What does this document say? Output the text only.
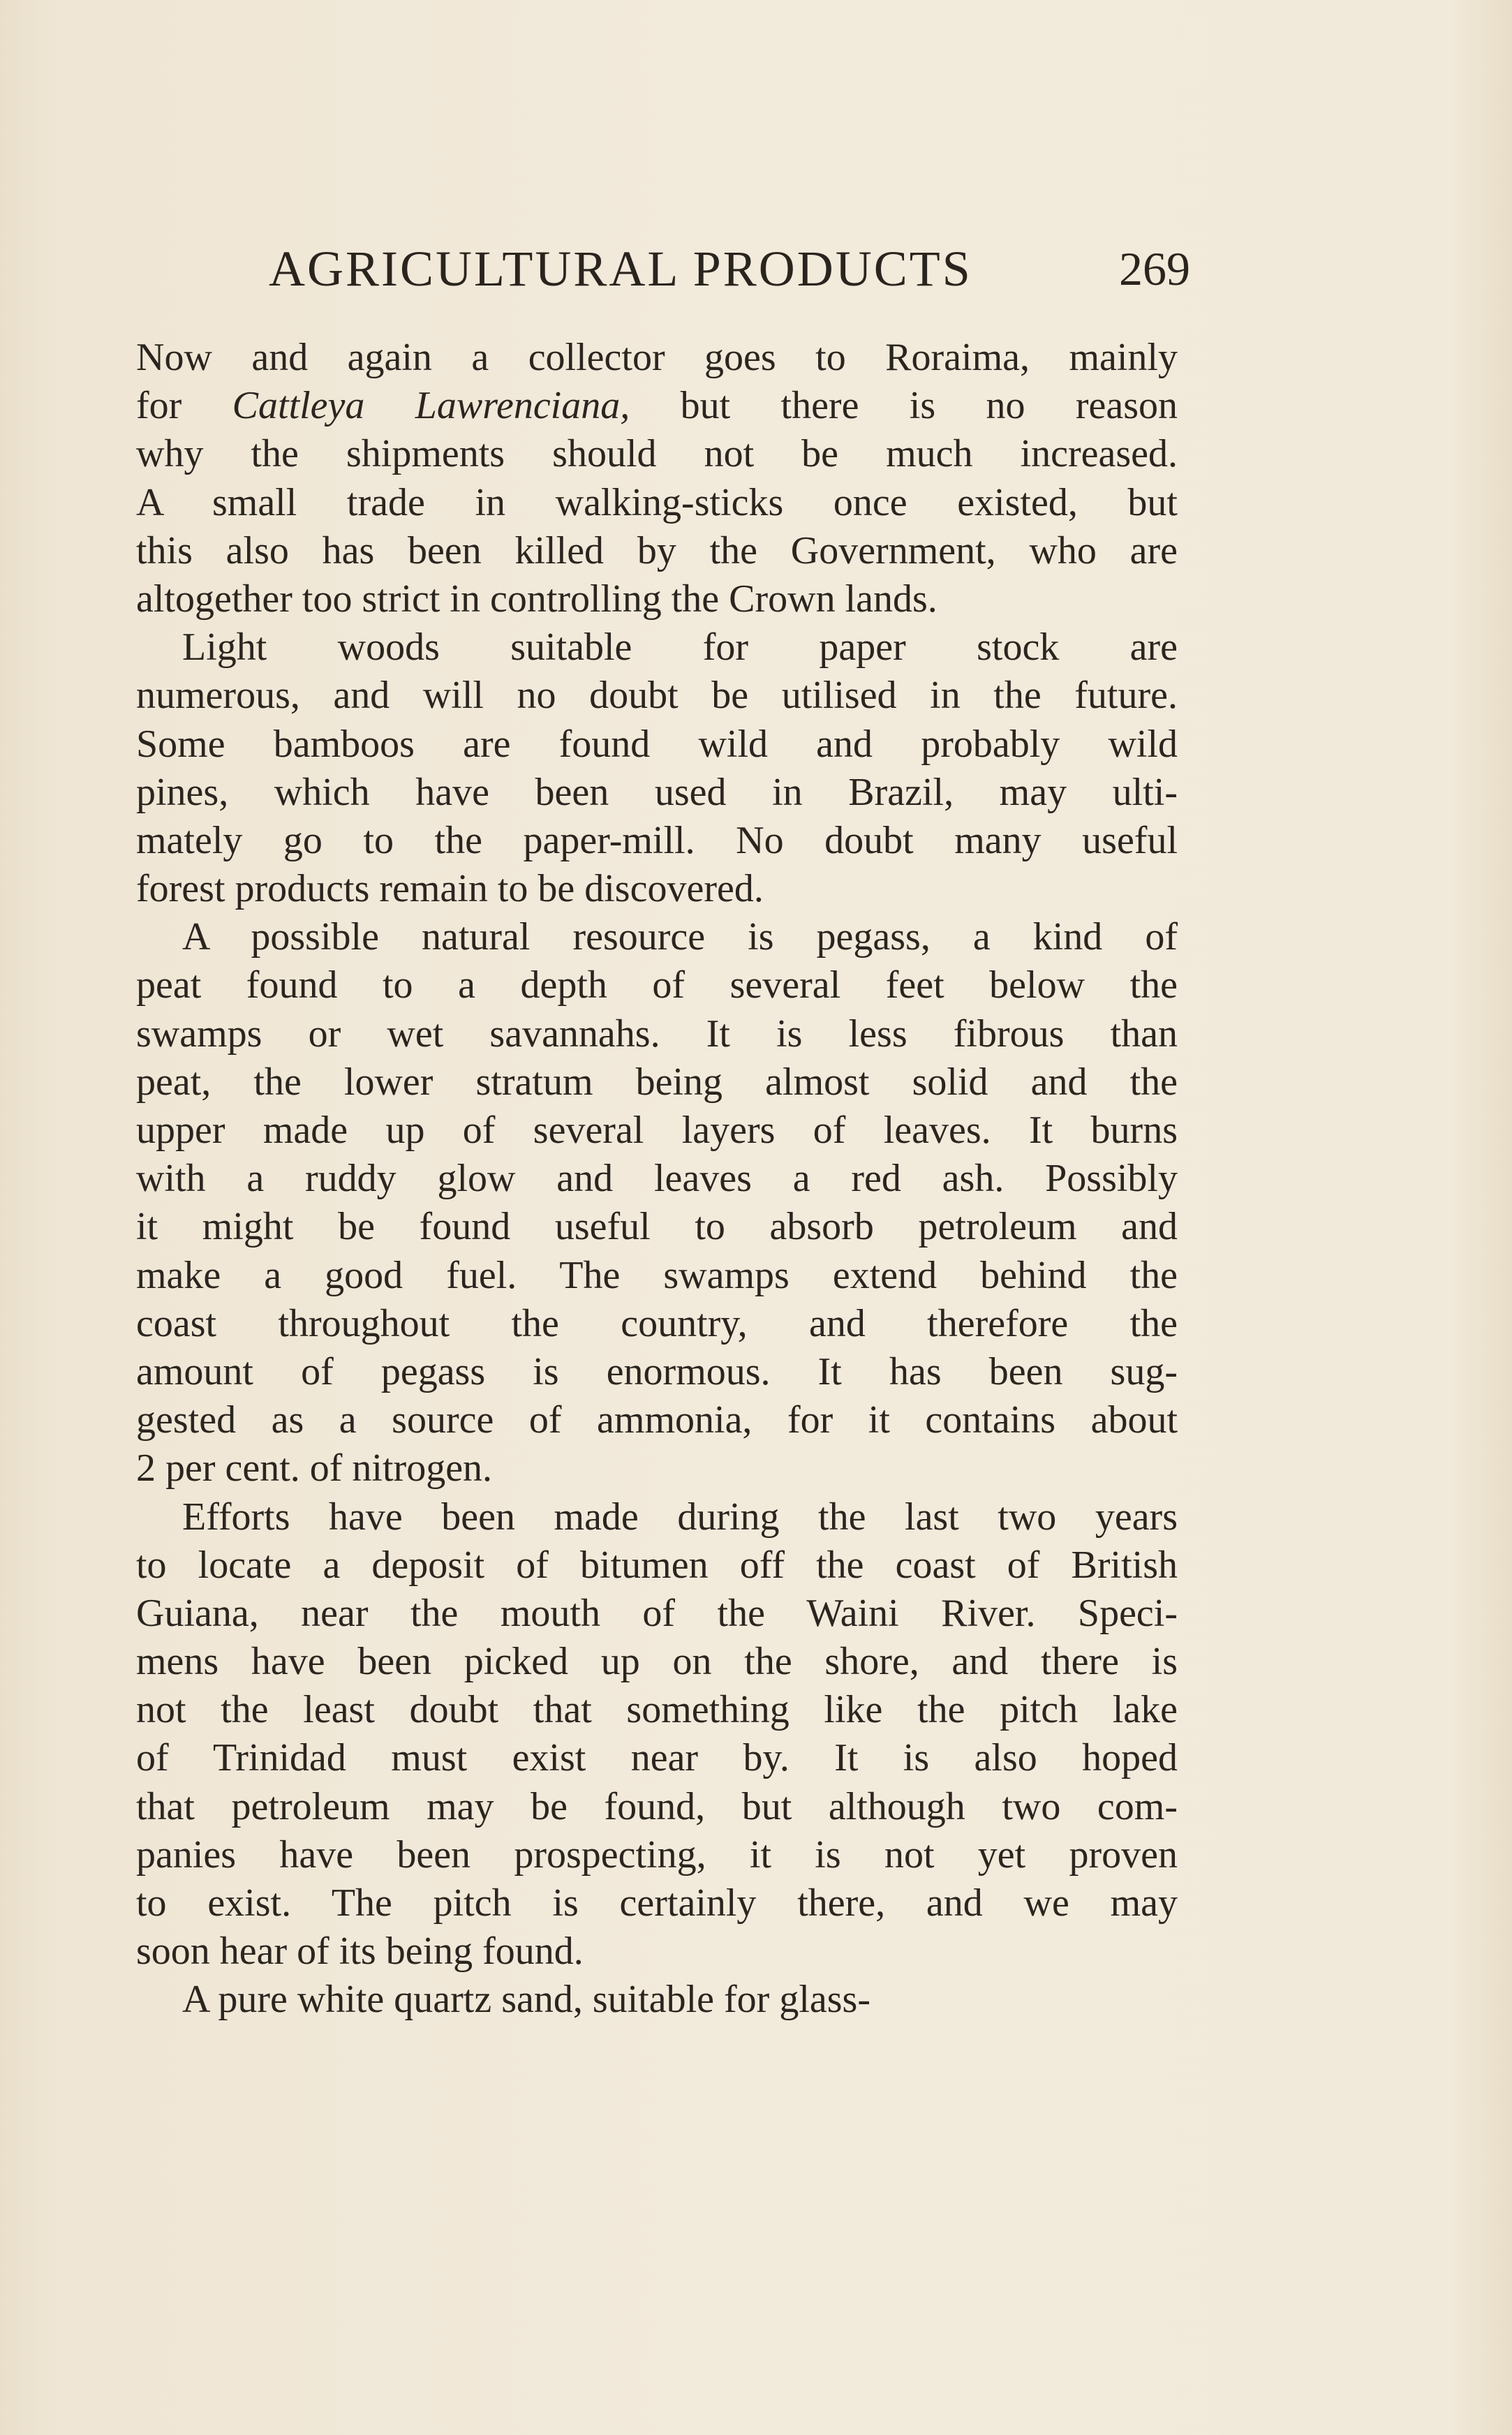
AGRICULTURAL PRODUCTS	269
Now and again a collector goes to Roraima, mainly
for Cattleya Lawrenciana, but there is no reason
why the shipments should not be much increased.
A small trade in walking-sticks once existed, but
this also has been killed by the Government, who are
altogether too strict in controlling the Crown lands.
Light woods suitable for paper stock are
numerous, and will no doubt be utilised in the future.
Some bamboos are found wild and probably wild
pines, which have been used in Brazil, may ulti-
mately go to the paper-mill. No doubt many useful
forest products remain to be discovered.
A possible natural resource is pegass, a kind of
peat found to a depth of several feet below the
swamps or wet savannahs. It is less fibrous than
peat, the lower stratum being almost solid and the
upper made up of several layers of leaves. It burns
with a ruddy glow and leaves a red ash. Possibly
it might be found useful to absorb petroleum and
make a good fuel. The swamps extend behind the
coast throughout the country, and therefore the
amount of pegass is enormous. It has been sug-
gested as a source of ammonia, for it contains about
2 per cent. of nitrogen.
Efforts have been made during the last two years
to locate a deposit of bitumen off the coast of British
Guiana, near the mouth of the Waini River. Speci-
mens have been picked up on the shore, and there is
not the least doubt that something like the pitch lake
of Trinidad must exist near by. It is also hoped
that petroleum may be found, but although two com-
panies have been prospecting, it is not yet proven
to exist. The pitch is certainly there, and we may
soon hear of its being found.
A pure white quartz sand, suitable for glass-
